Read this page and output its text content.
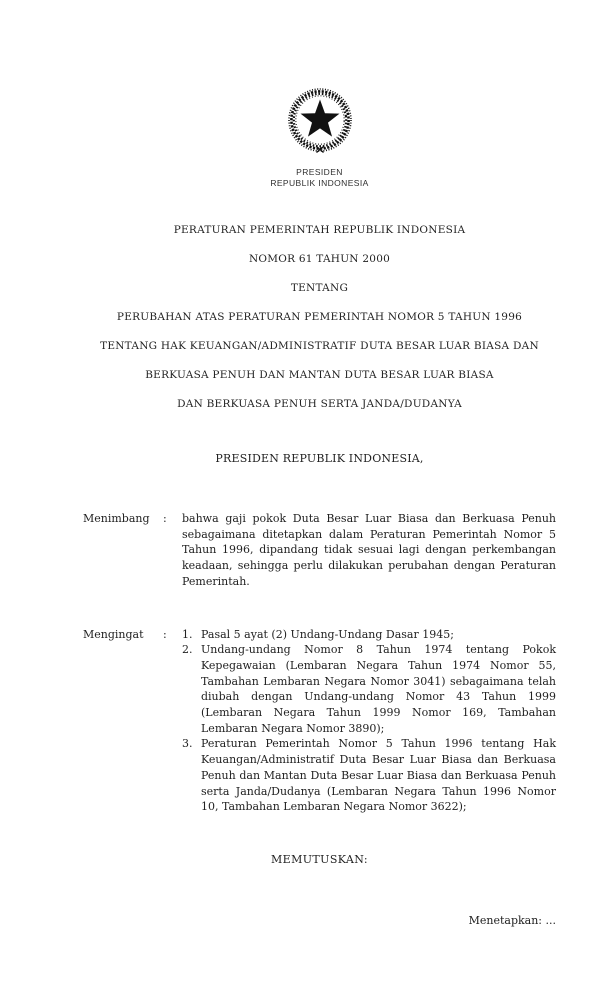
PRESIDEN
REPUBLIK INDONESIA
PERATURAN PEMERINTAH REPUBLIK INDONESIA
NOMOR 61 TAHUN 2000
TENTANG
PERUBAHAN ATAS PERATURAN PEMERINTAH NOMOR 5 TAHUN 1996
TENTANG HAK KEUANGAN/ADMINISTRATIF DUTA BESAR LUAR BIASA DAN
BERKUASA PENUH DAN MANTAN DUTA BESAR LUAR BIASA
DAN BERKUASA PENUH SERTA JANDA/DUDANYA
PRESIDEN REPUBLIK INDONESIA,
Menimbang	:	bahwa gaji pokok Duta Besar Luar Biasa dan Berkuasa Penuh sebagaimana ditetapkan dalam Peraturan Pemerintah Nomor 5 Tahun 1996, dipandang tidak sesuai lagi dengan perkembangan keadaan, sehingga perlu dilakukan perubahan dengan Peraturan Pemerintah.
Mengingat	:	1. Pasal 5 ayat (2) Undang-Undang Dasar 1945;
2. Undang-undang Nomor 8 Tahun 1974 tentang Pokok Kepegawaian (Lembaran Negara Tahun 1974 Nomor 55, Tambahan Lembaran Negara Nomor 3041) sebagaimana telah diubah dengan Undang-undang Nomor 43 Tahun 1999 (Lembaran Negara Tahun 1999 Nomor 169, Tambahan Lembaran Negara Nomor 3890);
3. Peraturan Pemerintah Nomor 5 Tahun 1996 tentang Hak Keuangan/Administratif Duta Besar Luar Biasa dan Berkuasa Penuh dan Mantan Duta Besar Luar Biasa dan Berkuasa Penuh serta Janda/Dudanya (Lembaran Negara Tahun 1996 Nomor 10, Tambahan Lembaran Negara Nomor 3622);
MEMUTUSKAN:
Menetapkan: ...
